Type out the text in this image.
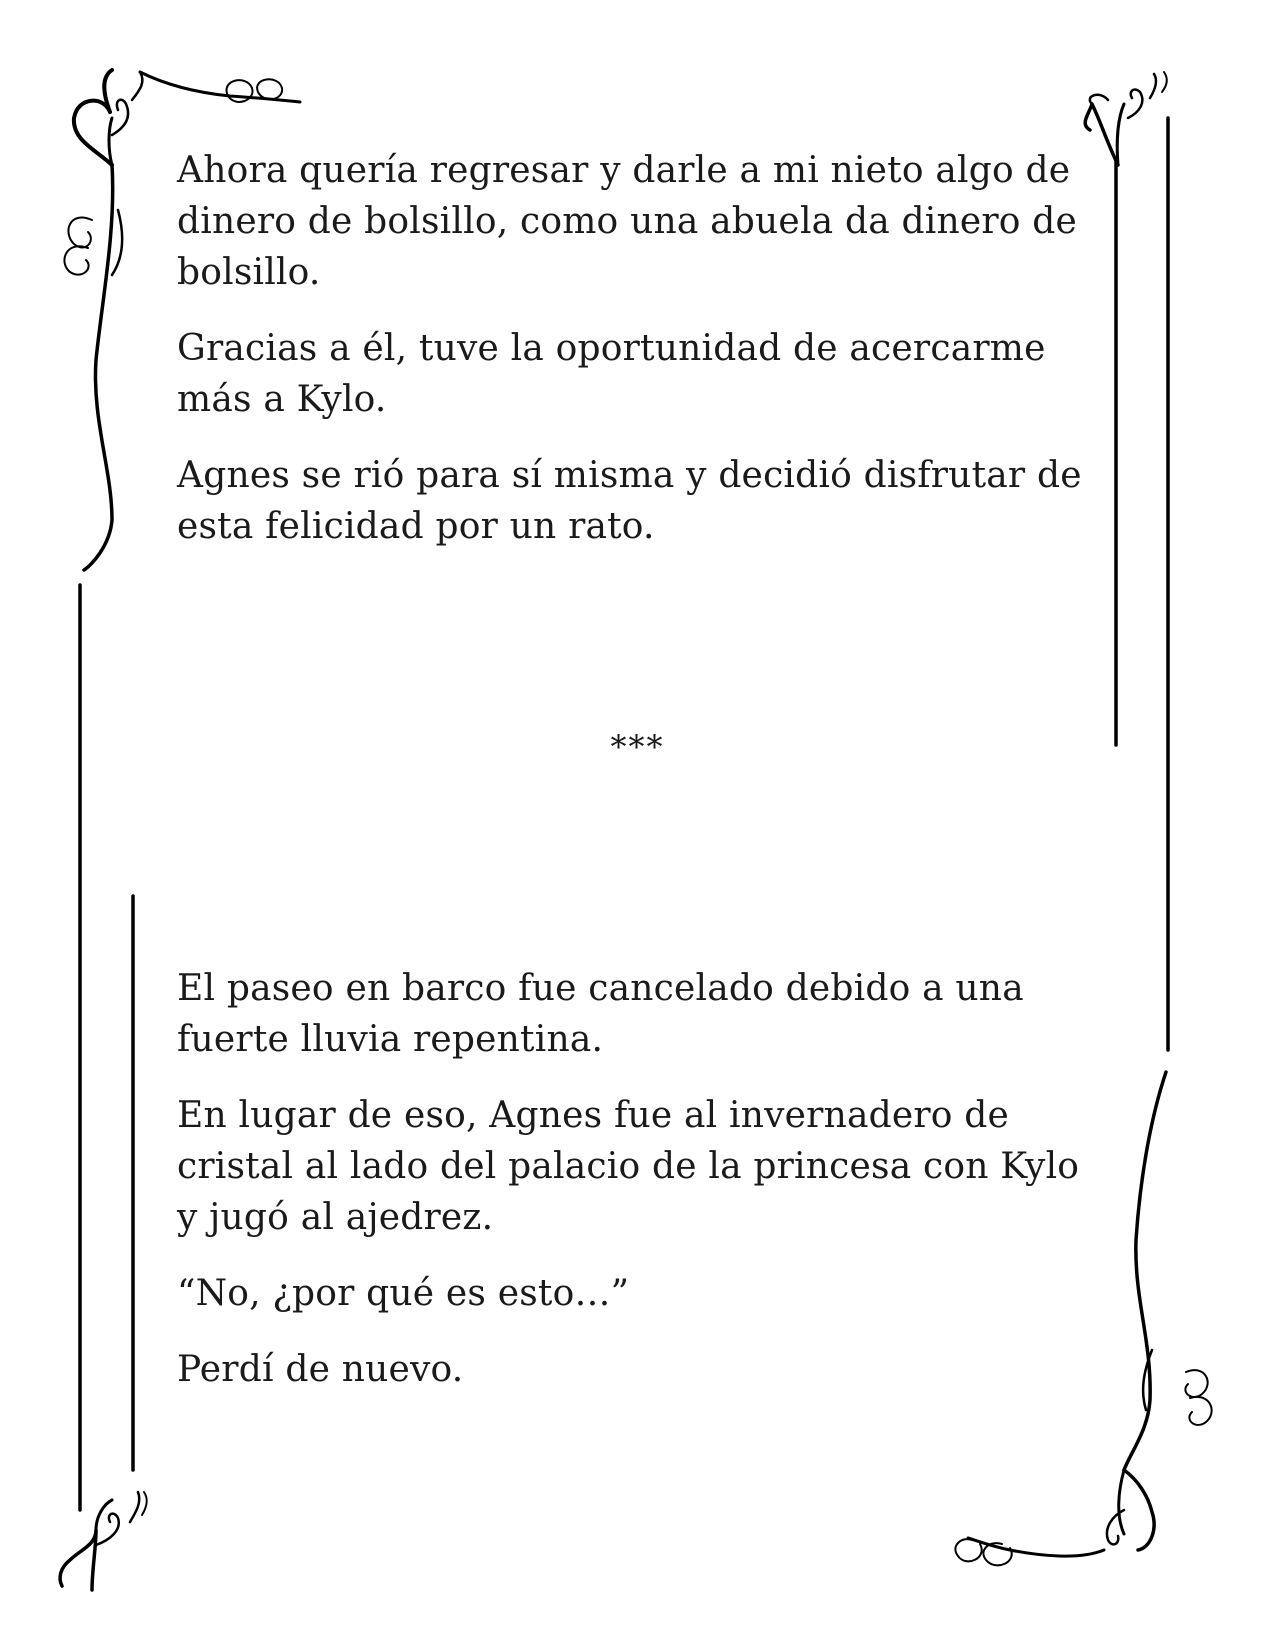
Ahora quería regresar y darle a mi nieto algo de dinero de bolsillo, como una abuela da dinero de bolsillo.

Gracias a él, tuve la oportunidad de acercarme más a Kylo.

Agnes se rió para sí misma y decidió disfrutar de esta felicidad por un rato.

***

El paseo en barco fue cancelado debido a una fuerte lluvia repentina.

En lugar de eso, Agnes fue al invernadero de cristal al lado del palacio de la princesa con Kylo y jugó al ajedrez.

“No, ¿por qué es esto…”

Perdí de nuevo.
